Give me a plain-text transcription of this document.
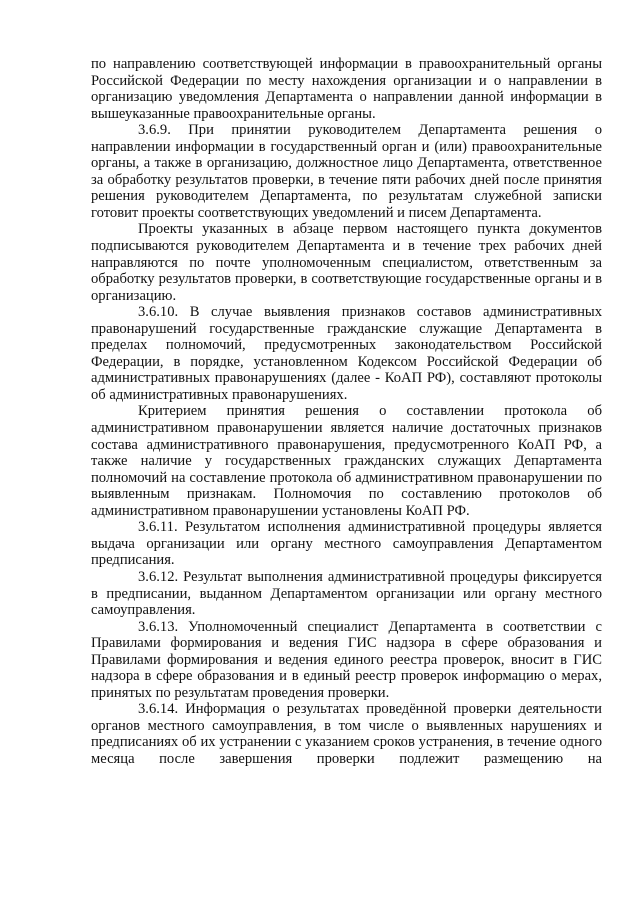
по направлению соответствующей информации в правоохранительный органы Российской Федерации по месту нахождения организации и о направлении в организацию уведомления Департамента о направлении данной информации в вышеуказанные правоохранительные органы.

3.6.9. При принятии руководителем Департамента решения о направлении информации в государственный орган и (или) правоохранительные органы, а также в организацию, должностное лицо Департамента, ответственное за обработку результатов проверки, в течение пяти рабочих дней после принятия решения руководителем Департамента, по результатам служебной записки готовит проекты соответствующих уведомлений и писем Департамента.

Проекты указанных в абзаце первом настоящего пункта документов подписываются руководителем Департамента и в течение трех рабочих дней направляются по почте уполномоченным специалистом, ответственным за обработку результатов проверки, в соответствующие государственные органы и в организацию.

3.6.10. В случае выявления признаков составов административных правонарушений государственные гражданские служащие Департамента в пределах полномочий, предусмотренных законодательством Российской Федерации, в порядке, установленном Кодексом Российской Федерации об административных правонарушениях (далее - КоАП РФ), составляют протоколы об административных правонарушениях.

Критерием принятия решения о составлении протокола об административном правонарушении является наличие достаточных признаков состава административного правонарушения, предусмотренного КоАП РФ, а также наличие у государственных гражданских служащих Департамента полномочий на составление протокола об административном правонарушении по выявленным признакам. Полномочия по составлению протоколов об административном правонарушении установлены КоАП РФ.

3.6.11. Результатом исполнения административной процедуры является выдача организации или органу местного самоуправления Департаментом предписания.

3.6.12. Результат выполнения административной процедуры фиксируется в предписании, выданном Департаментом организации или органу местного самоуправления.

3.6.13. Уполномоченный специалист Департамента в соответствии с Правилами формирования и ведения ГИС надзора в сфере образования и Правилами формирования и ведения единого реестра проверок, вносит в ГИС надзора в сфере образования и в единый реестр проверок информацию о мерах, принятых по результатам проведения проверки.

3.6.14. Информация о результатах проведённой проверки деятельности органов местного самоуправления, в том числе о выявленных нарушениях и предписаниях об их устранении с указанием сроков устранения, в течение одного месяца после завершения проверки подлежит размещению на
